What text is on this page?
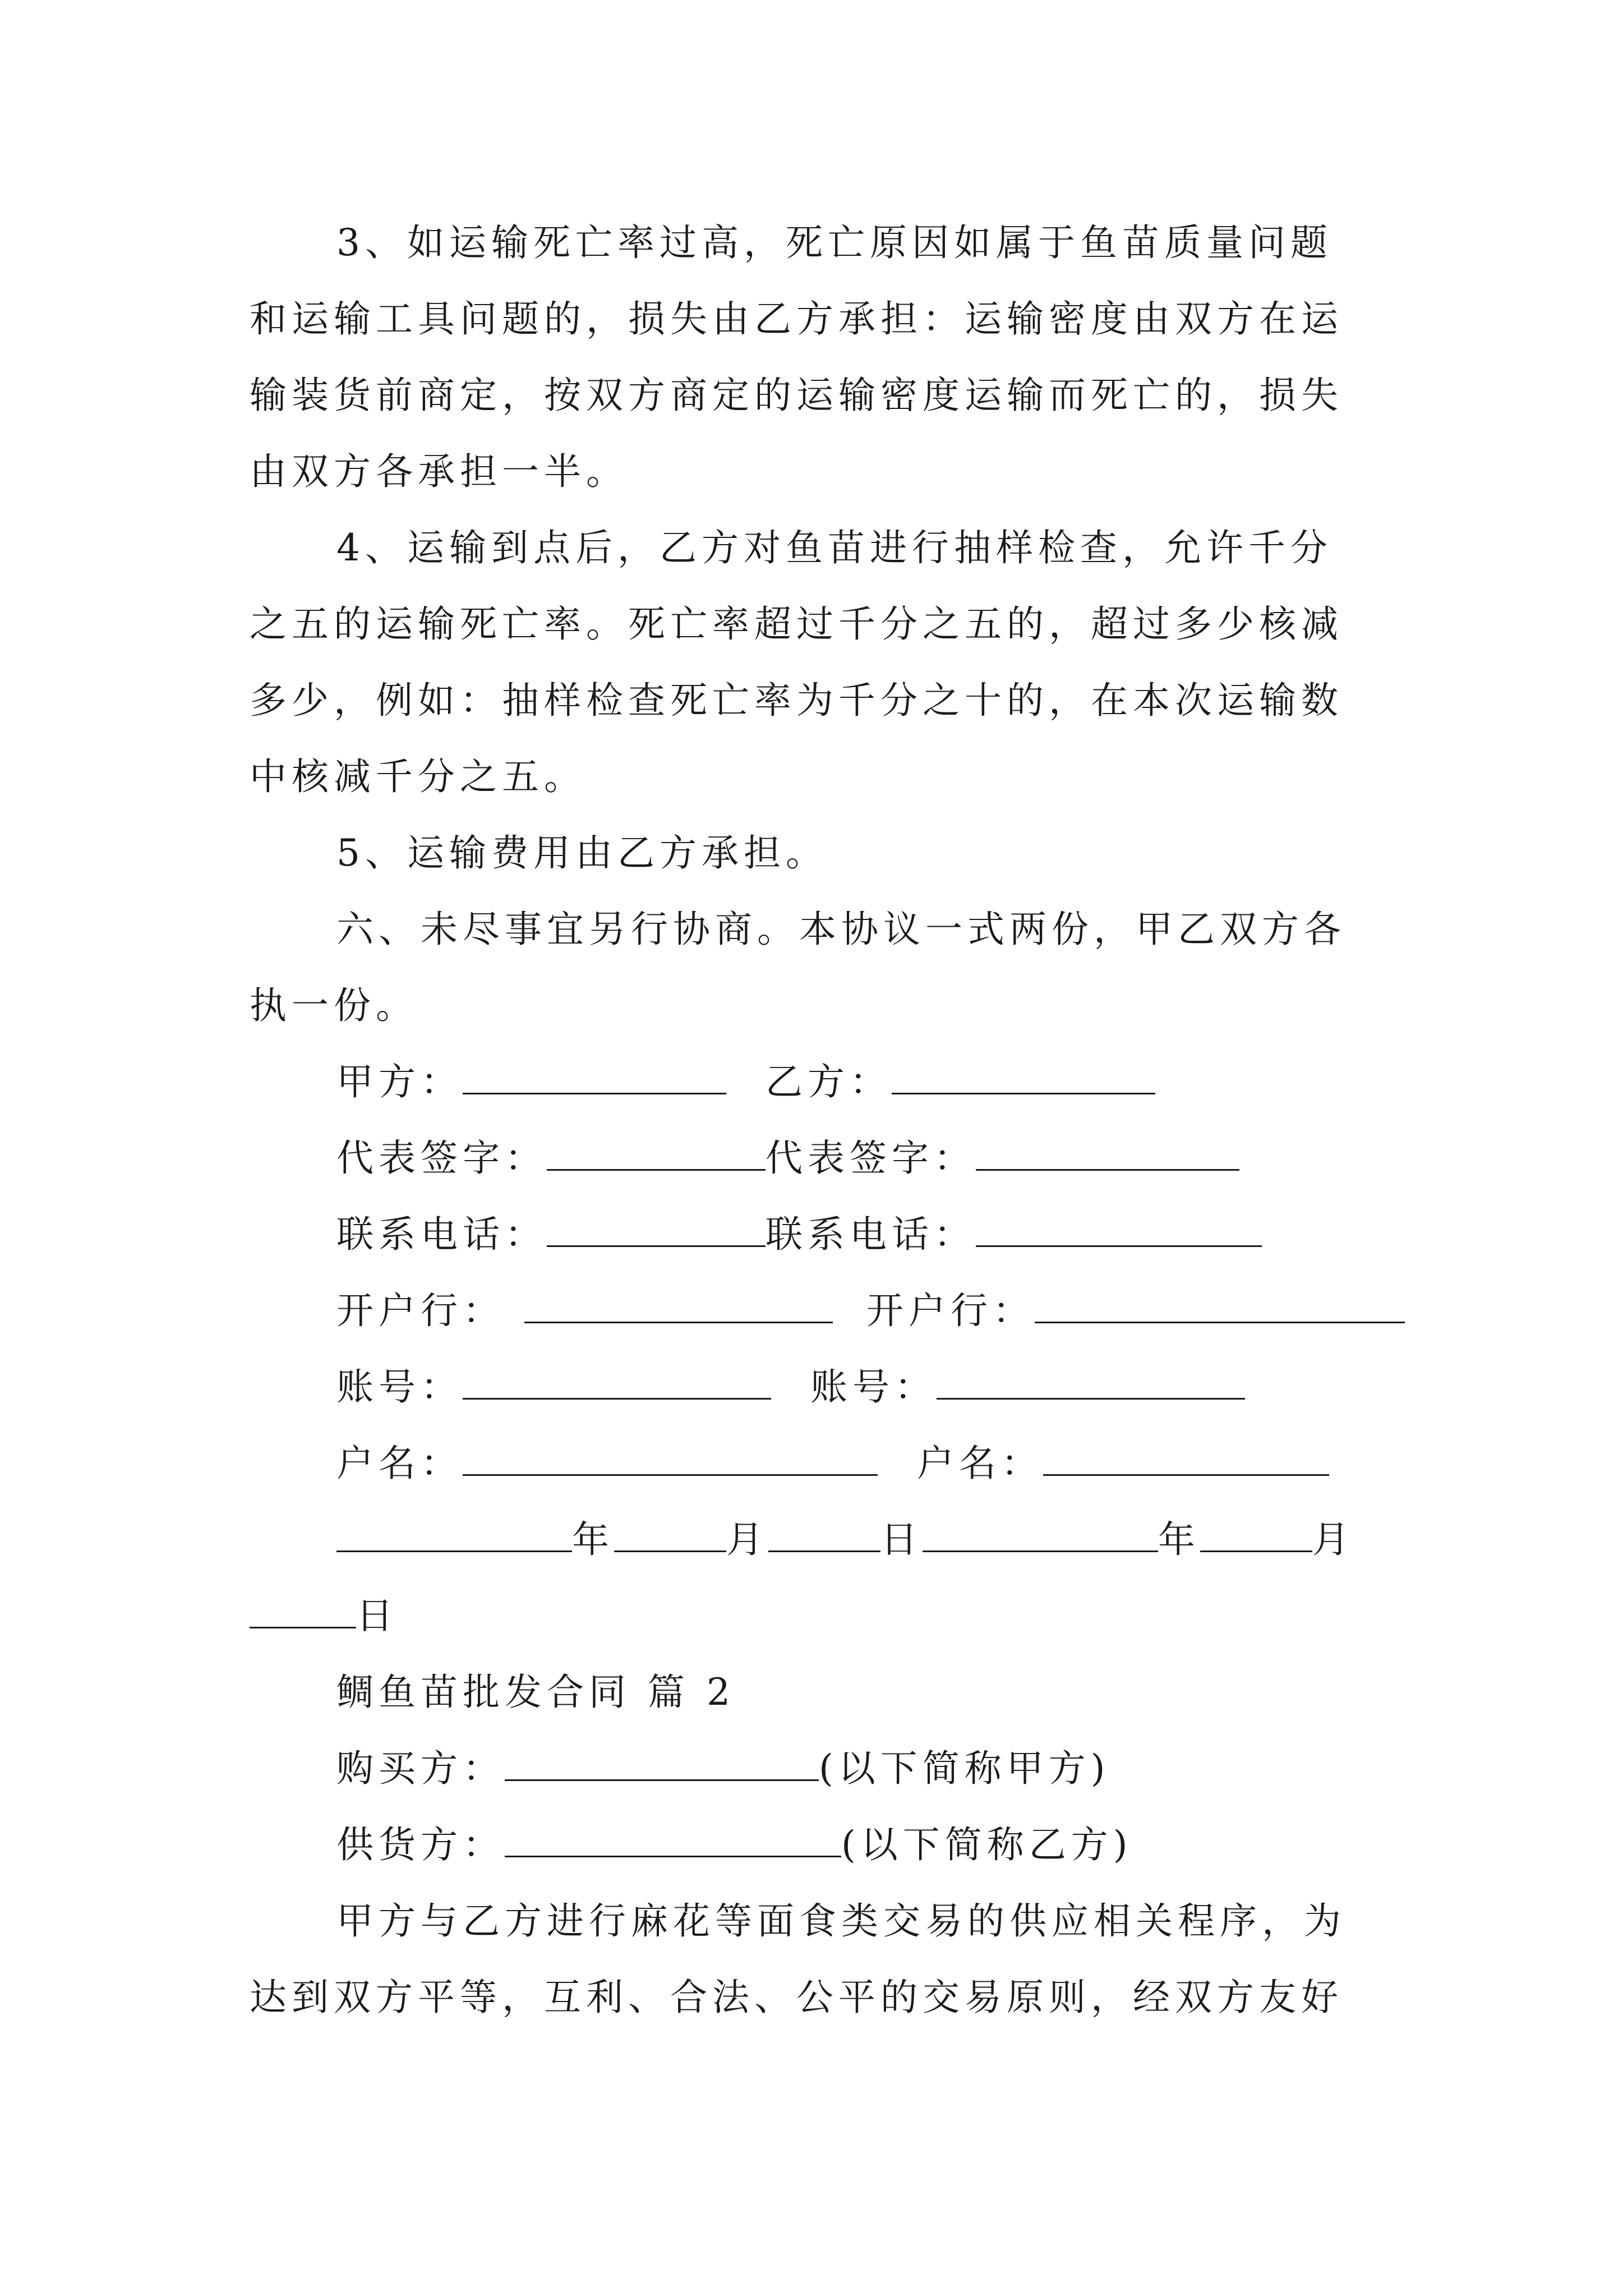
3、如运输死亡率过高，死亡原因如属于鱼苗质量问题
和运输工具问题的，损失由乙方承担：运输密度由双方在运
输装货前商定，按双方商定的运输密度运输而死亡的，损失
由双方各承担一半。
4、运输到点后，乙方对鱼苗进行抽样检查，允许千分
之五的运输死亡率。死亡率超过千分之五的，超过多少核减
多少，例如：抽样检查死亡率为千分之十的，在本次运输数
中核减千分之五。
5、运输费用由乙方承担。
六、未尽事宜另行协商。本协议一式两份，甲乙双方各
执一份。
甲方：	乙方：
代表签字：	代表签字：
联系电话：	联系电话：
开户行：	开户行：
账号：	账号：
户名：	户名：
年	月	日	年	月
日
鲷鱼苗批发合同 篇 2
购买方：	(以下简称甲方)
供货方：	(以下简称乙方)
甲方与乙方进行麻花等面食类交易的供应相关程序，为
达到双方平等，互利、合法、公平的交易原则，经双方友好
